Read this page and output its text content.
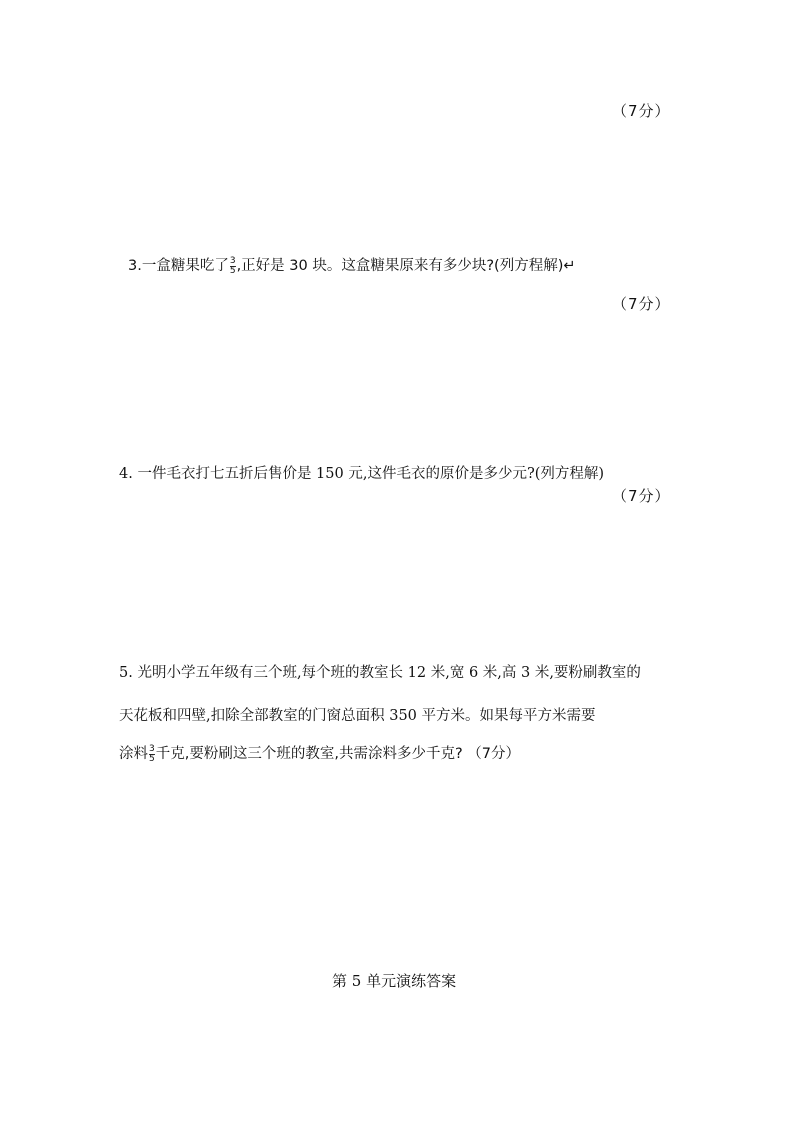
（7分）
3.一盒糖果吃了 $\frac{3}{5}$ ,正好是 30 块。这盒糖果原来有多少块?(列方程解)↵
（7分）
4. 一件毛衣打七五折后售价是 150 元,这件毛衣的原价是多少元?(列方程解)
（7分）
5. 光明小学五年级有三个班,每个班的教室长 12 米,宽 6 米,高 3 米,要粉刷教室的
天花板和四壁,扣除全部教室的门窗总面积 350 平方米。如果每平方米需要
涂料 $\frac{3}{5}$ 千克,要粉刷这三个班的教室,共需涂料多少千克? （7分）
第 5 单元演练答案
